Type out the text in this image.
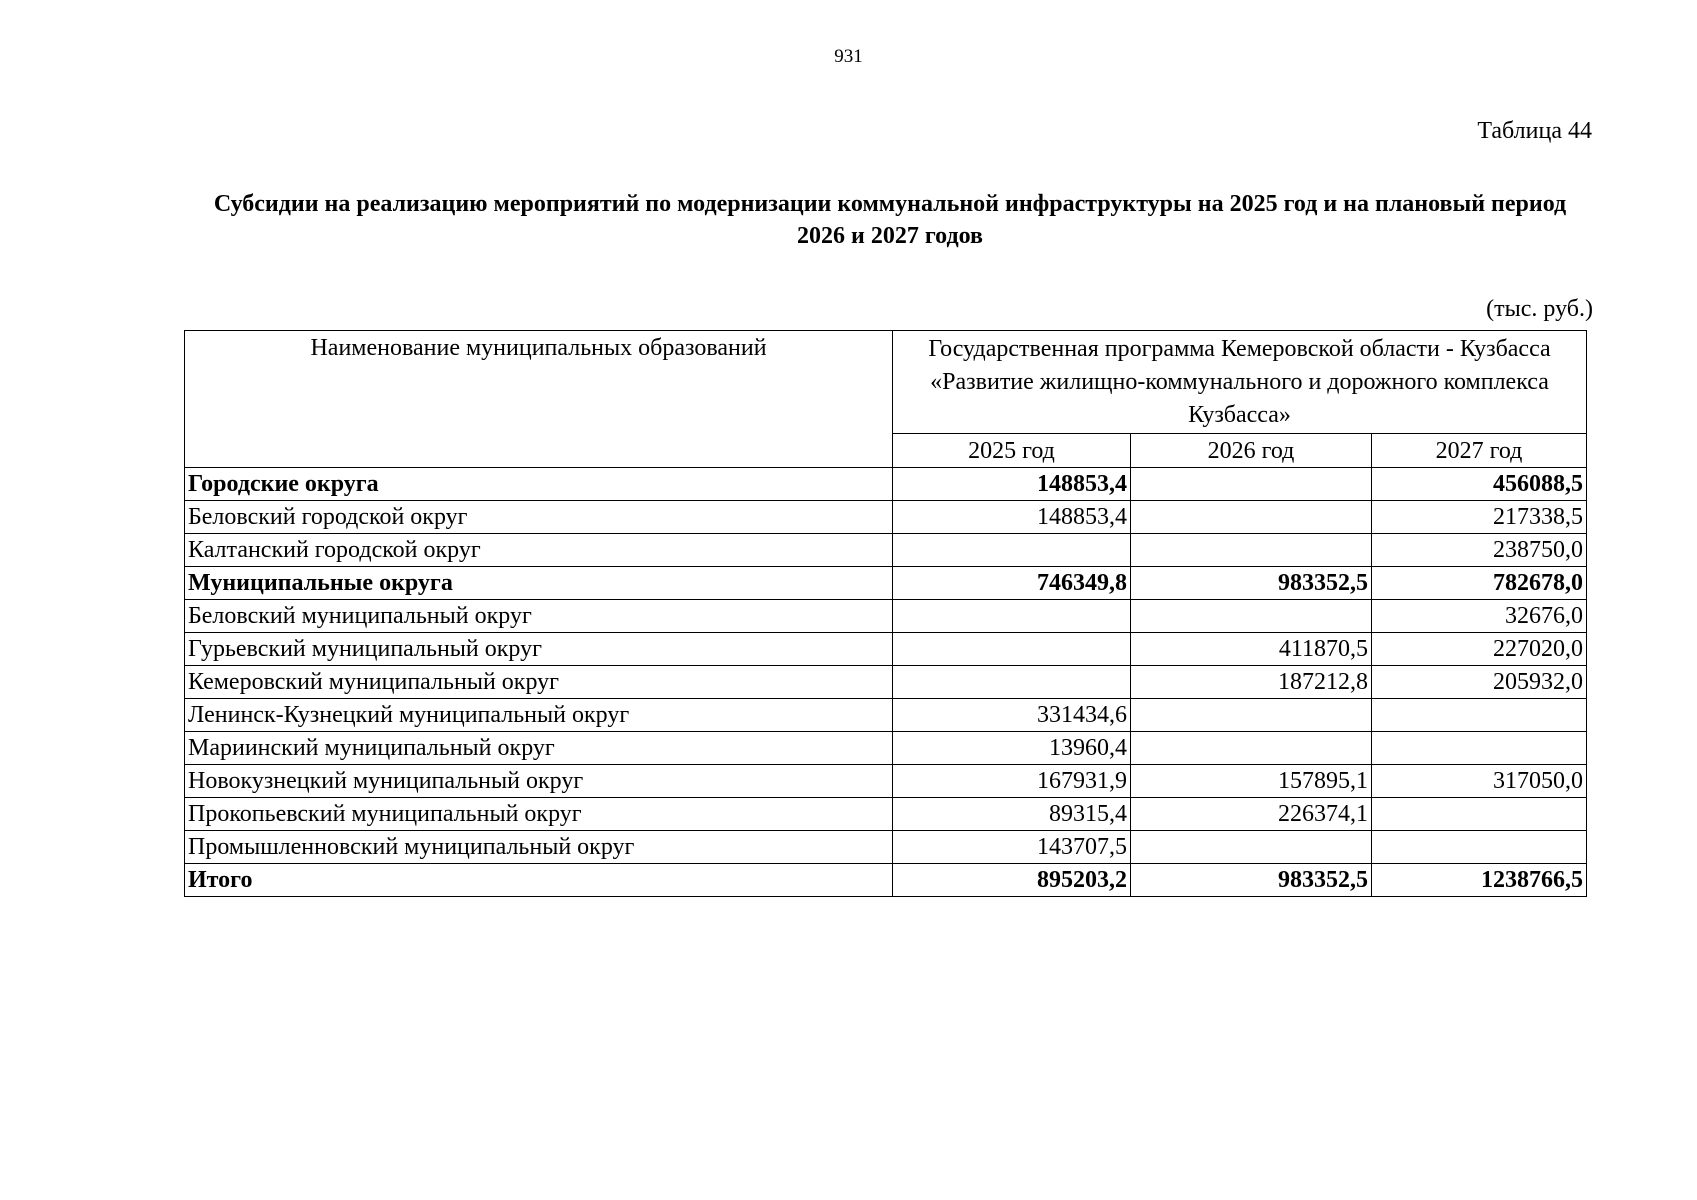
931
Таблица 44
Субсидии на реализацию мероприятий по модернизации коммунальной инфраструктуры на 2025 год и на плановый период 2026 и 2027 годов
(тыс. руб.)
Наименование муниципальных образований	Государственная программа Кемеровской области - Кузбасса «Развитие жилищно-коммунального и дорожного комплекса Кузбасса»		
	2025 год	2026 год	2027 год
Городские округа	148853,4		456088,5
Беловский городской округ	148853,4		217338,5
Калтанский городской округ			238750,0
Муниципальные округа	746349,8	983352,5	782678,0
Беловский муниципальный округ			32676,0
Гурьевский муниципальный округ		411870,5	227020,0
Кемеровский муниципальный округ		187212,8	205932,0
Ленинск-Кузнецкий муниципальный округ	331434,6		
Мариинский муниципальный округ	13960,4		
Новокузнецкий муниципальный округ	167931,9	157895,1	317050,0
Прокопьевский муниципальный округ	89315,4	226374,1	
Промышленновский муниципальный округ	143707,5		
Итого	895203,2	983352,5	1238766,5
